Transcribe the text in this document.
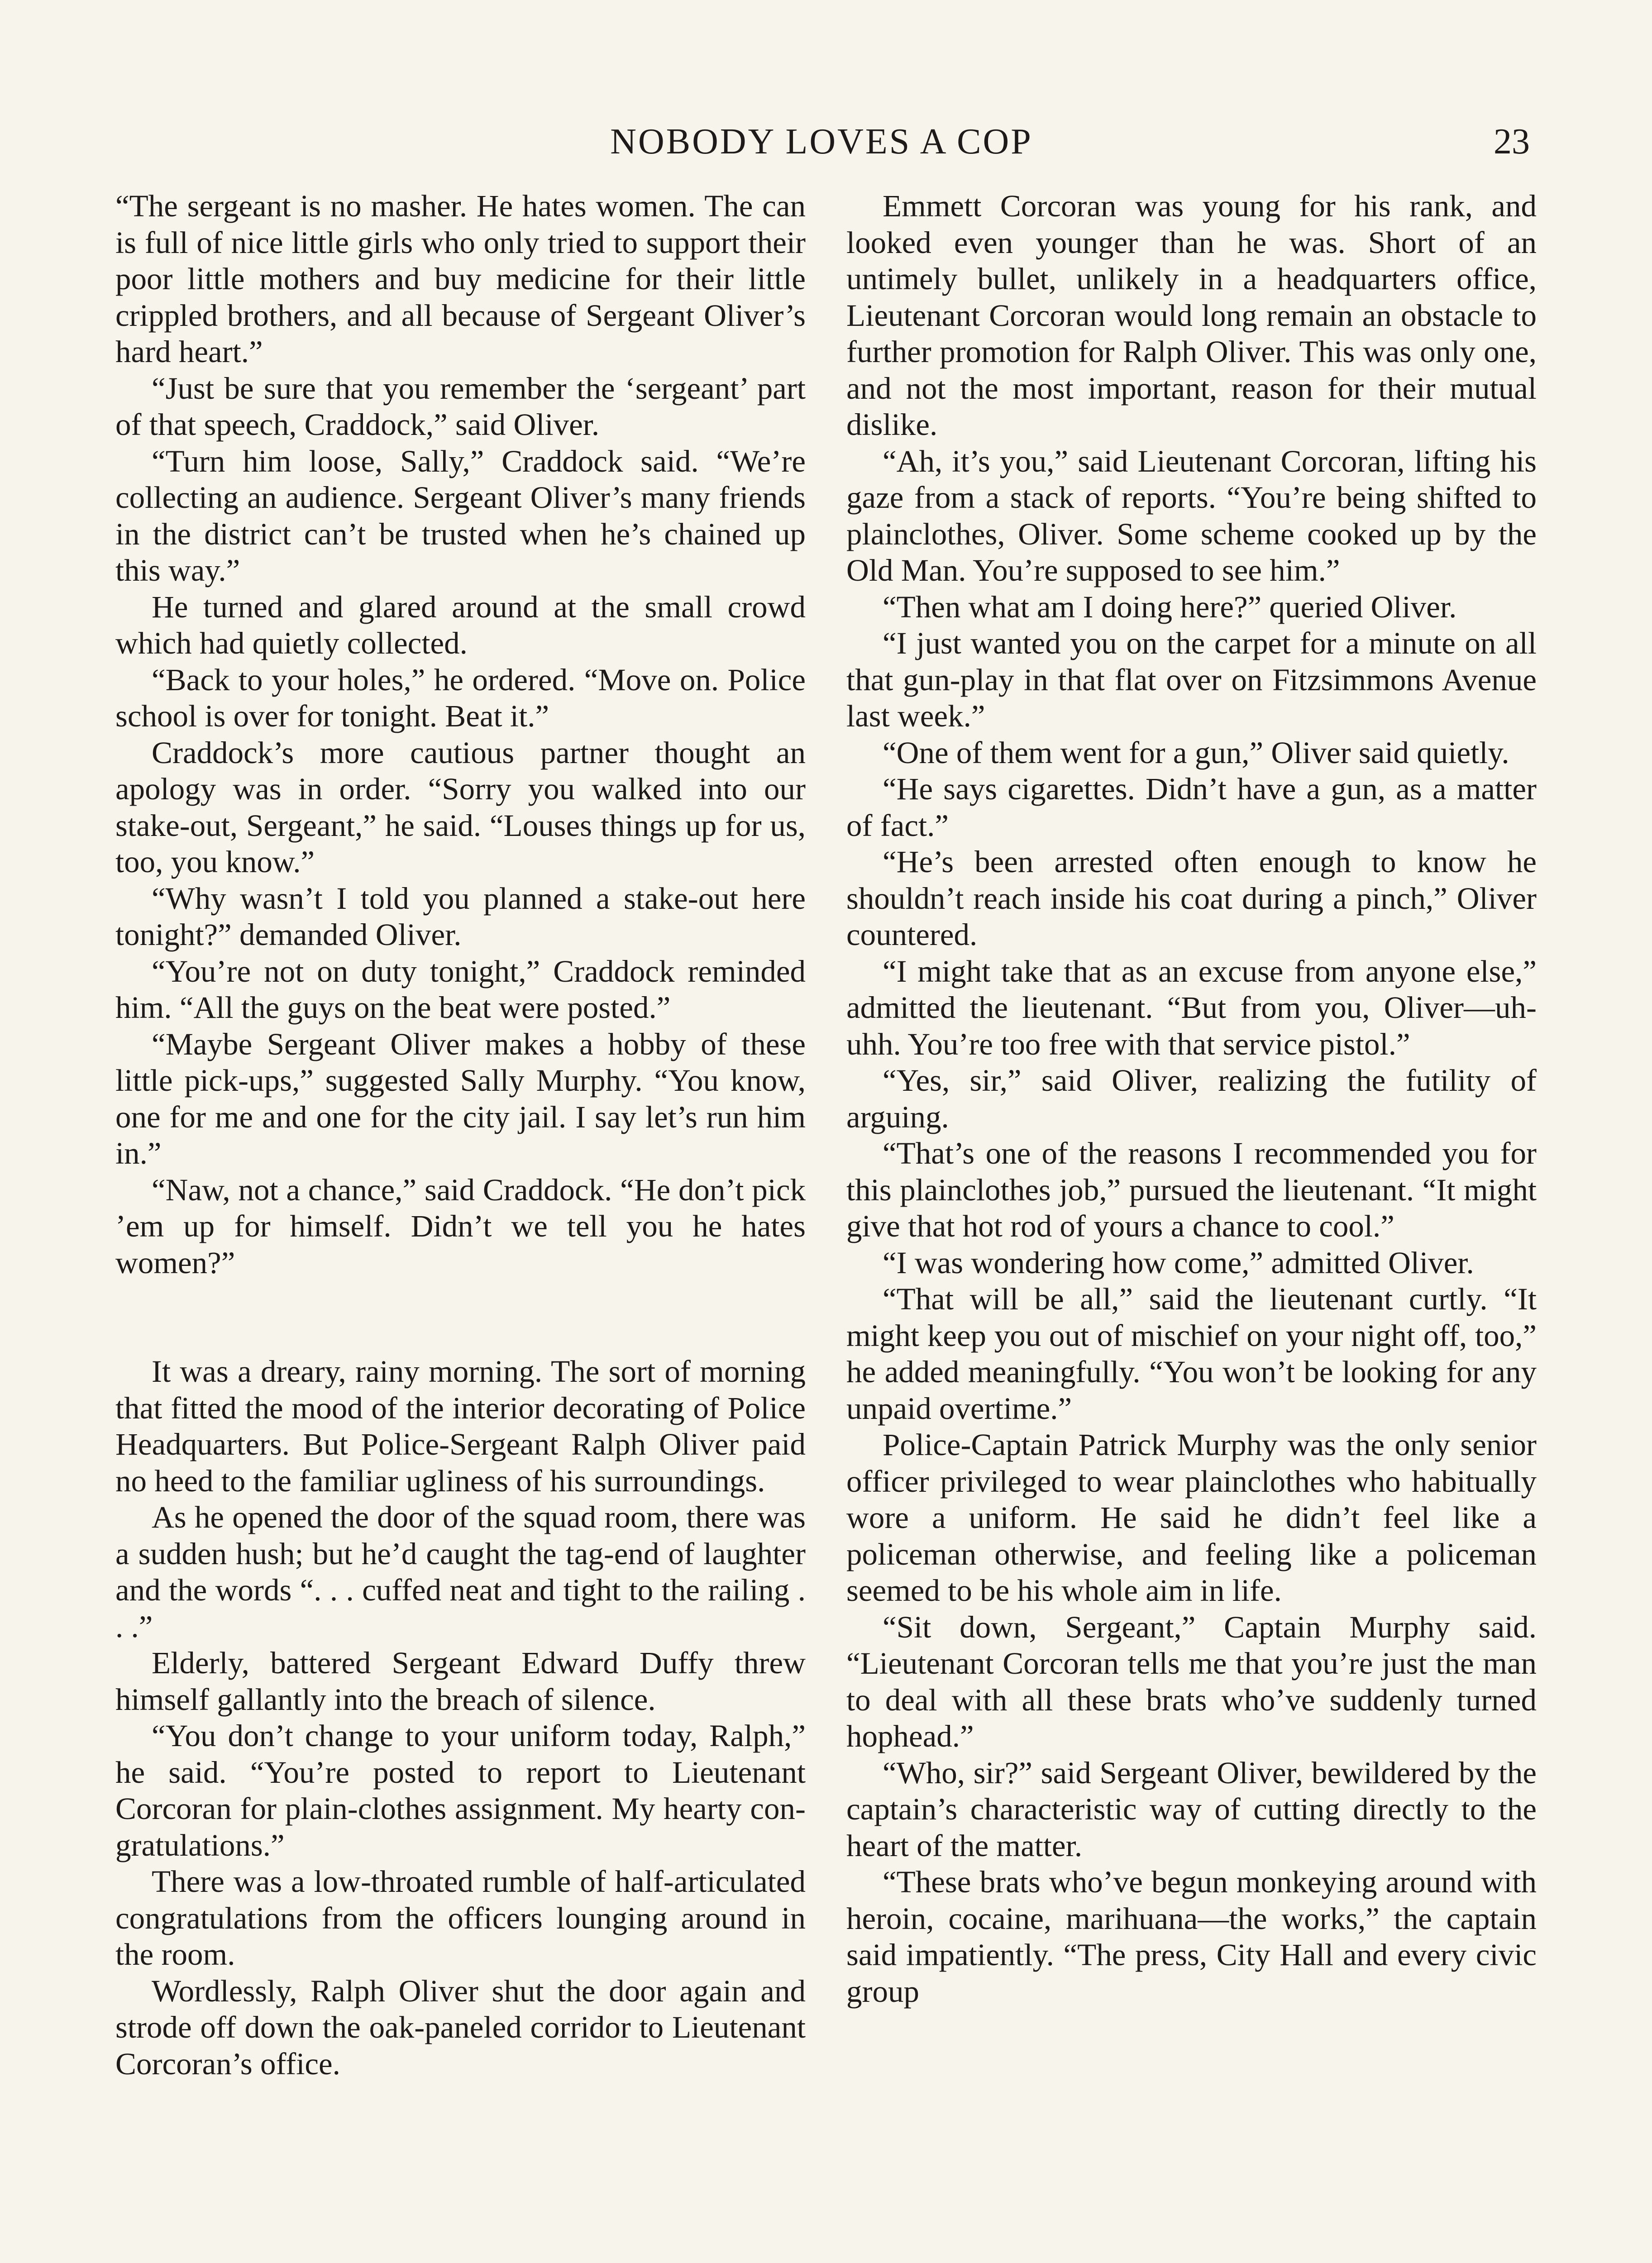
NOBODY LOVES A COP	23

“The sergeant is no masher. He hates women. The can is full of nice little girls who only tried to support their poor little mothers and buy medicine for their little crippled brothers, and all because of Sergeant Oliver’s hard heart.”

“Just be sure that you remember the ‘sergeant’ part of that speech, Craddock,” said Oliver.

“Turn him loose, Sally,” Craddock said. “We’re collecting an audience. Sergeant Oliver’s many friends in the district can’t be trusted when he’s chained up this way.”

He turned and glared around at the small crowd which had quietly collected.

“Back to your holes,” he ordered. “Move on. Police school is over for tonight. Beat it.”

Craddock’s more cautious partner thought an apology was in order. “Sorry you walked into our stake-out, Sergeant,” he said. “Louses things up for us, too, you know.”

“Why wasn’t I told you planned a stake-out here tonight?” demanded Oliver.

“You’re not on duty tonight,” Craddock reminded him. “All the guys on the beat were posted.”

“Maybe Sergeant Oliver makes a hobby of these little pick-ups,” suggested Sally Murphy. “You know, one for me and one for the city jail. I say let’s run him in.”

“Naw, not a chance,” said Craddock. “He don’t pick ’em up for himself. Didn’t we tell you he hates women?”

It was a dreary, rainy morning. The sort of morning that fitted the mood of the interior decorating of Police Headquarters. But Police-Sergeant Ralph Oliver paid no heed to the familiar ugliness of his surroundings.

As he opened the door of the squad room, there was a sudden hush; but he’d caught the tag-end of laughter and the words “. . . cuffed neat and tight to the railing . . .”

Elderly, battered Sergeant Edward Duffy threw himself gallantly into the breach of silence.

“You don’t change to your uniform today, Ralph,” he said. “You’re posted to report to Lieutenant Corcoran for plain-clothes assignment. My hearty congratulations.”

There was a low-throated rumble of half-articulated congratulations from the officers lounging around in the room.

Wordlessly, Ralph Oliver shut the door again and strode off down the oak-paneled corridor to Lieutenant Corcoran’s office.

Emmett Corcoran was young for his rank, and looked even younger than he was. Short of an untimely bullet, unlikely in a headquarters office, Lieutenant Corcoran would long remain an obstacle to further promotion for Ralph Oliver. This was only one, and not the most important, reason for their mutual dislike.

“Ah, it’s you,” said Lieutenant Corcoran, lifting his gaze from a stack of reports. “You’re being shifted to plainclothes, Oliver. Some scheme cooked up by the Old Man. You’re supposed to see him.”

“Then what am I doing here?” queried Oliver.

“I just wanted you on the carpet for a minute on all that gun-play in that flat over on Fitzsimmons Avenue last week.”

“One of them went for a gun,” Oliver said quietly.

“He says cigarettes. Didn’t have a gun, as a matter of fact.”

“He’s been arrested often enough to know he shouldn’t reach inside his coat during a pinch,” Oliver countered.

“I might take that as an excuse from anyone else,” admitted the lieutenant. “But from you, Oliver—uh-uhh. You’re too free with that service pistol.”

“Yes, sir,” said Oliver, realizing the futility of arguing.

“That’s one of the reasons I recommended you for this plainclothes job,” pursued the lieutenant. “It might give that hot rod of yours a chance to cool.”

“I was wondering how come,” admitted Oliver.

“That will be all,” said the lieutenant curtly. “It might keep you out of mischief on your night off, too,” he added meaningfully. “You won’t be looking for any unpaid overtime.”

Police-Captain Patrick Murphy was the only senior officer privileged to wear plainclothes who habitually wore a uniform. He said he didn’t feel like a policeman otherwise, and feeling like a policeman seemed to be his whole aim in life.

“Sit down, Sergeant,” Captain Murphy said. “Lieutenant Corcoran tells me that you’re just the man to deal with all these brats who’ve suddenly turned hophead.”

“Who, sir?” said Sergeant Oliver, bewildered by the captain’s characteristic way of cutting directly to the heart of the matter.

“These brats who’ve begun monkeying around with heroin, cocaine, marihuana—the works,” the captain said impatiently. “The press, City Hall and every civic group
